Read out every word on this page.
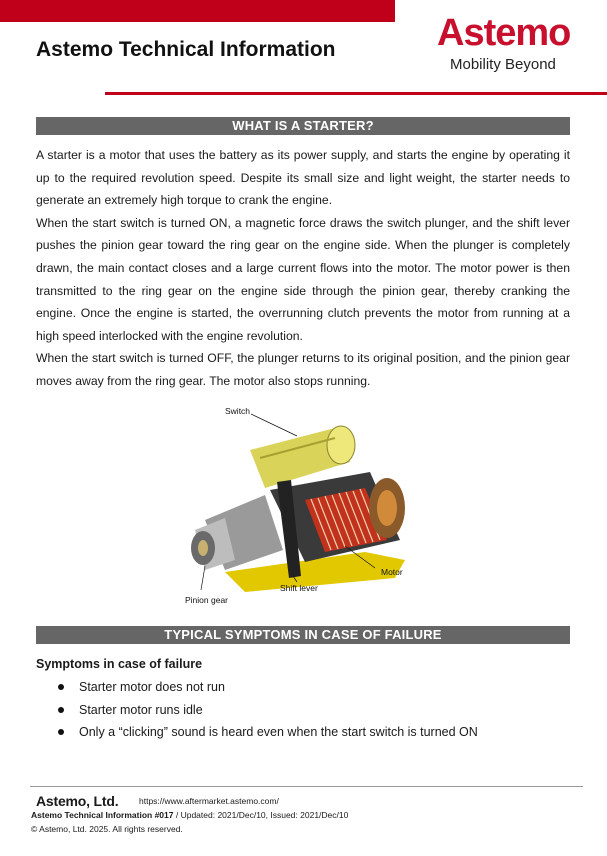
Astemo Technical Information	Astemo
Mobility Beyond
WHAT IS A STARTER?

A starter is a motor that uses the battery as its power supply, and starts the engine by operating it up to the required revolution speed. Despite its small size and light weight, the starter needs to generate an extremely high torque to crank the engine.

When the start switch is turned ON, a magnetic force draws the switch plunger, and the shift lever pushes the pinion gear toward the ring gear on the engine side. When the plunger is completely drawn, the main contact closes and a large current flows into the motor. The motor power is then transmitted to the ring gear on the engine side through the pinion gear, thereby cranking the engine. Once the engine is started, the overrunning clutch prevents the motor from running at a high speed interlocked with the engine revolution.

When the start switch is turned OFF, the plunger returns to its original position, and the pinion gear moves away from the ring gear. The motor also stops running.

Switch
Motor
Shift lever
Pinion gear
TYPICAL SYMPTOMS IN CASE OF FAILURE
Symptoms in case of failure
Starter motor does not run
Starter motor runs idle
Only a “clicking” sound is heard even when the start switch is turned ON
Astemo, Ltd. https://www.aftermarket.astemo.com/
Astemo Technical Information #017 / Updated: 2021/Dec/10, Issued: 2021/Dec/10
© Astemo, Ltd. 2025. All rights reserved.
